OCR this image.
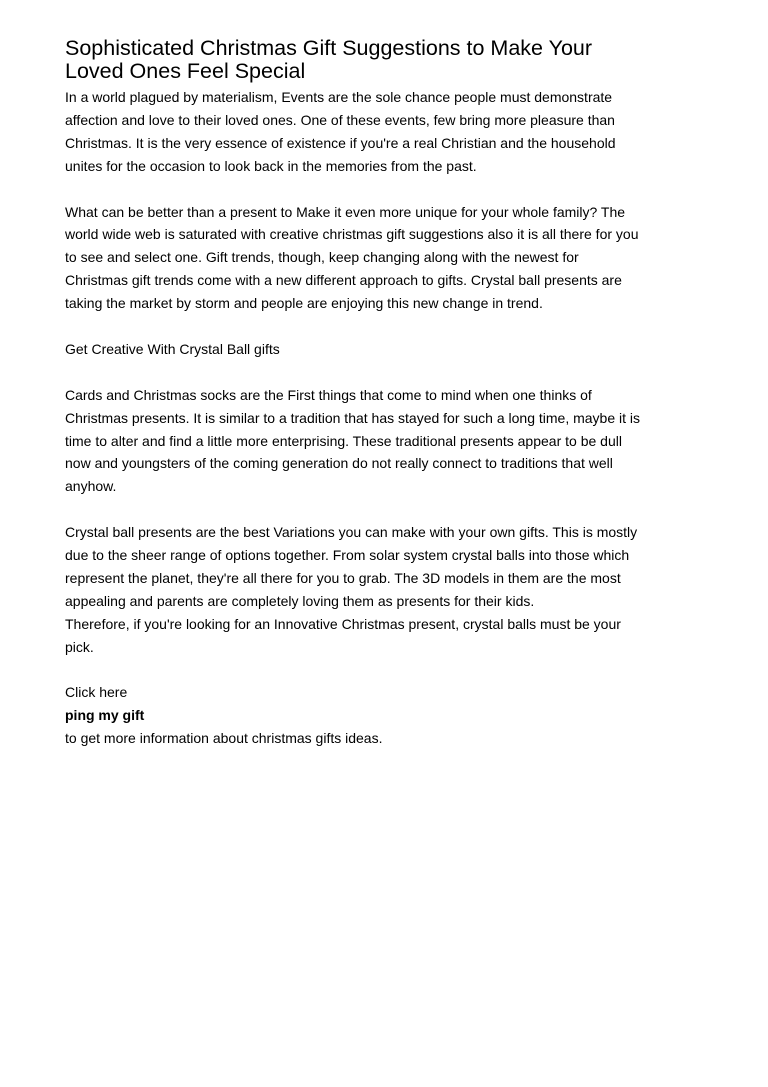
Sophisticated Christmas Gift Suggestions to Make Your
Loved Ones Feel Special

In a world plagued by materialism, Events are the sole chance people must demonstrate
affection and love to their loved ones. One of these events, few bring more pleasure than
Christmas. It is the very essence of existence if you're a real Christian and the household
unites for the occasion to look back in the memories from the past.

What can be better than a present to Make it even more unique for your whole family? The
world wide web is saturated with creative christmas gift suggestions also it is all there for you
to see and select one. Gift trends, though, keep changing along with the newest for
Christmas gift trends come with a new different approach to gifts. Crystal ball presents are
taking the market by storm and people are enjoying this new change in trend.

Get Creative With Crystal Ball gifts

Cards and Christmas socks are the First things that come to mind when one thinks of
Christmas presents. It is similar to a tradition that has stayed for such a long time, maybe it is
time to alter and find a little more enterprising. These traditional presents appear to be dull
now and youngsters of the coming generation do not really connect to traditions that well
anyhow.

Crystal ball presents are the best Variations you can make with your own gifts. This is mostly
due to the sheer range of options together. From solar system crystal balls into those which
represent the planet, they're all there for you to grab. The 3D models in them are the most
appealing and parents are completely loving them as presents for their kids.
Therefore, if you're looking for an Innovative Christmas present, crystal balls must be your
pick.

Click here
ping my gift
to get more information about christmas gifts ideas.
